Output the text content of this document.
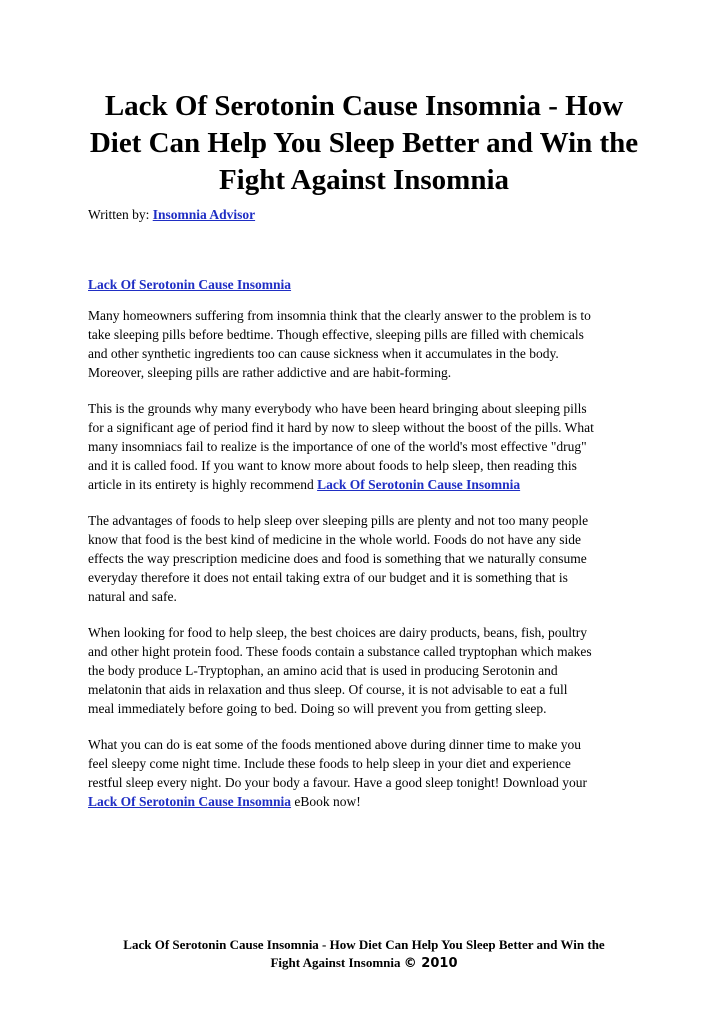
Lack Of Serotonin Cause Insomnia - How Diet Can Help You Sleep Better and Win the Fight Against Insomnia

Written by: Insomnia Advisor

Lack Of Serotonin Cause Insomnia

Many homeowners suffering from insomnia think that the clearly answer to the problem is to
take sleeping pills before bedtime. Though effective, sleeping pills are filled with chemicals
and other synthetic ingredients too can cause sickness when it accumulates in the body.
Moreover, sleeping pills are rather addictive and are habit-forming.

This is the grounds why many everybody who have been heard bringing about sleeping pills
for a significant age of period find it hard by now to sleep without the boost of the pills. What
many insomniacs fail to realize is the importance of one of the world's most effective "drug"
and it is called food. If you want to know more about foods to help sleep, then reading this
article in its entirety is highly recommend Lack Of Serotonin Cause Insomnia

The advantages of foods to help sleep over sleeping pills are plenty and not too many people
know that food is the best kind of medicine in the whole world. Foods do not have any side
effects the way prescription medicine does and food is something that we naturally consume
everyday therefore it does not entail taking extra of our budget and it is something that is
natural and safe.

When looking for food to help sleep, the best choices are dairy products, beans, fish, poultry
and other hight protein food. These foods contain a substance called tryptophan which makes
the body produce L-Tryptophan, an amino acid that is used in producing Serotonin and
melatonin that aids in relaxation and thus sleep. Of course, it is not advisable to eat a full
meal immediately before going to bed. Doing so will prevent you from getting sleep.

What you can do is eat some of the foods mentioned above during dinner time to make you
feel sleepy come night time. Include these foods to help sleep in your diet and experience
restful sleep every night. Do your body a favour. Have a good sleep tonight! Download your
Lack Of Serotonin Cause Insomnia eBook now!

Lack Of Serotonin Cause Insomnia - How Diet Can Help You Sleep Better and Win the
Fight Against Insomnia © 2010
